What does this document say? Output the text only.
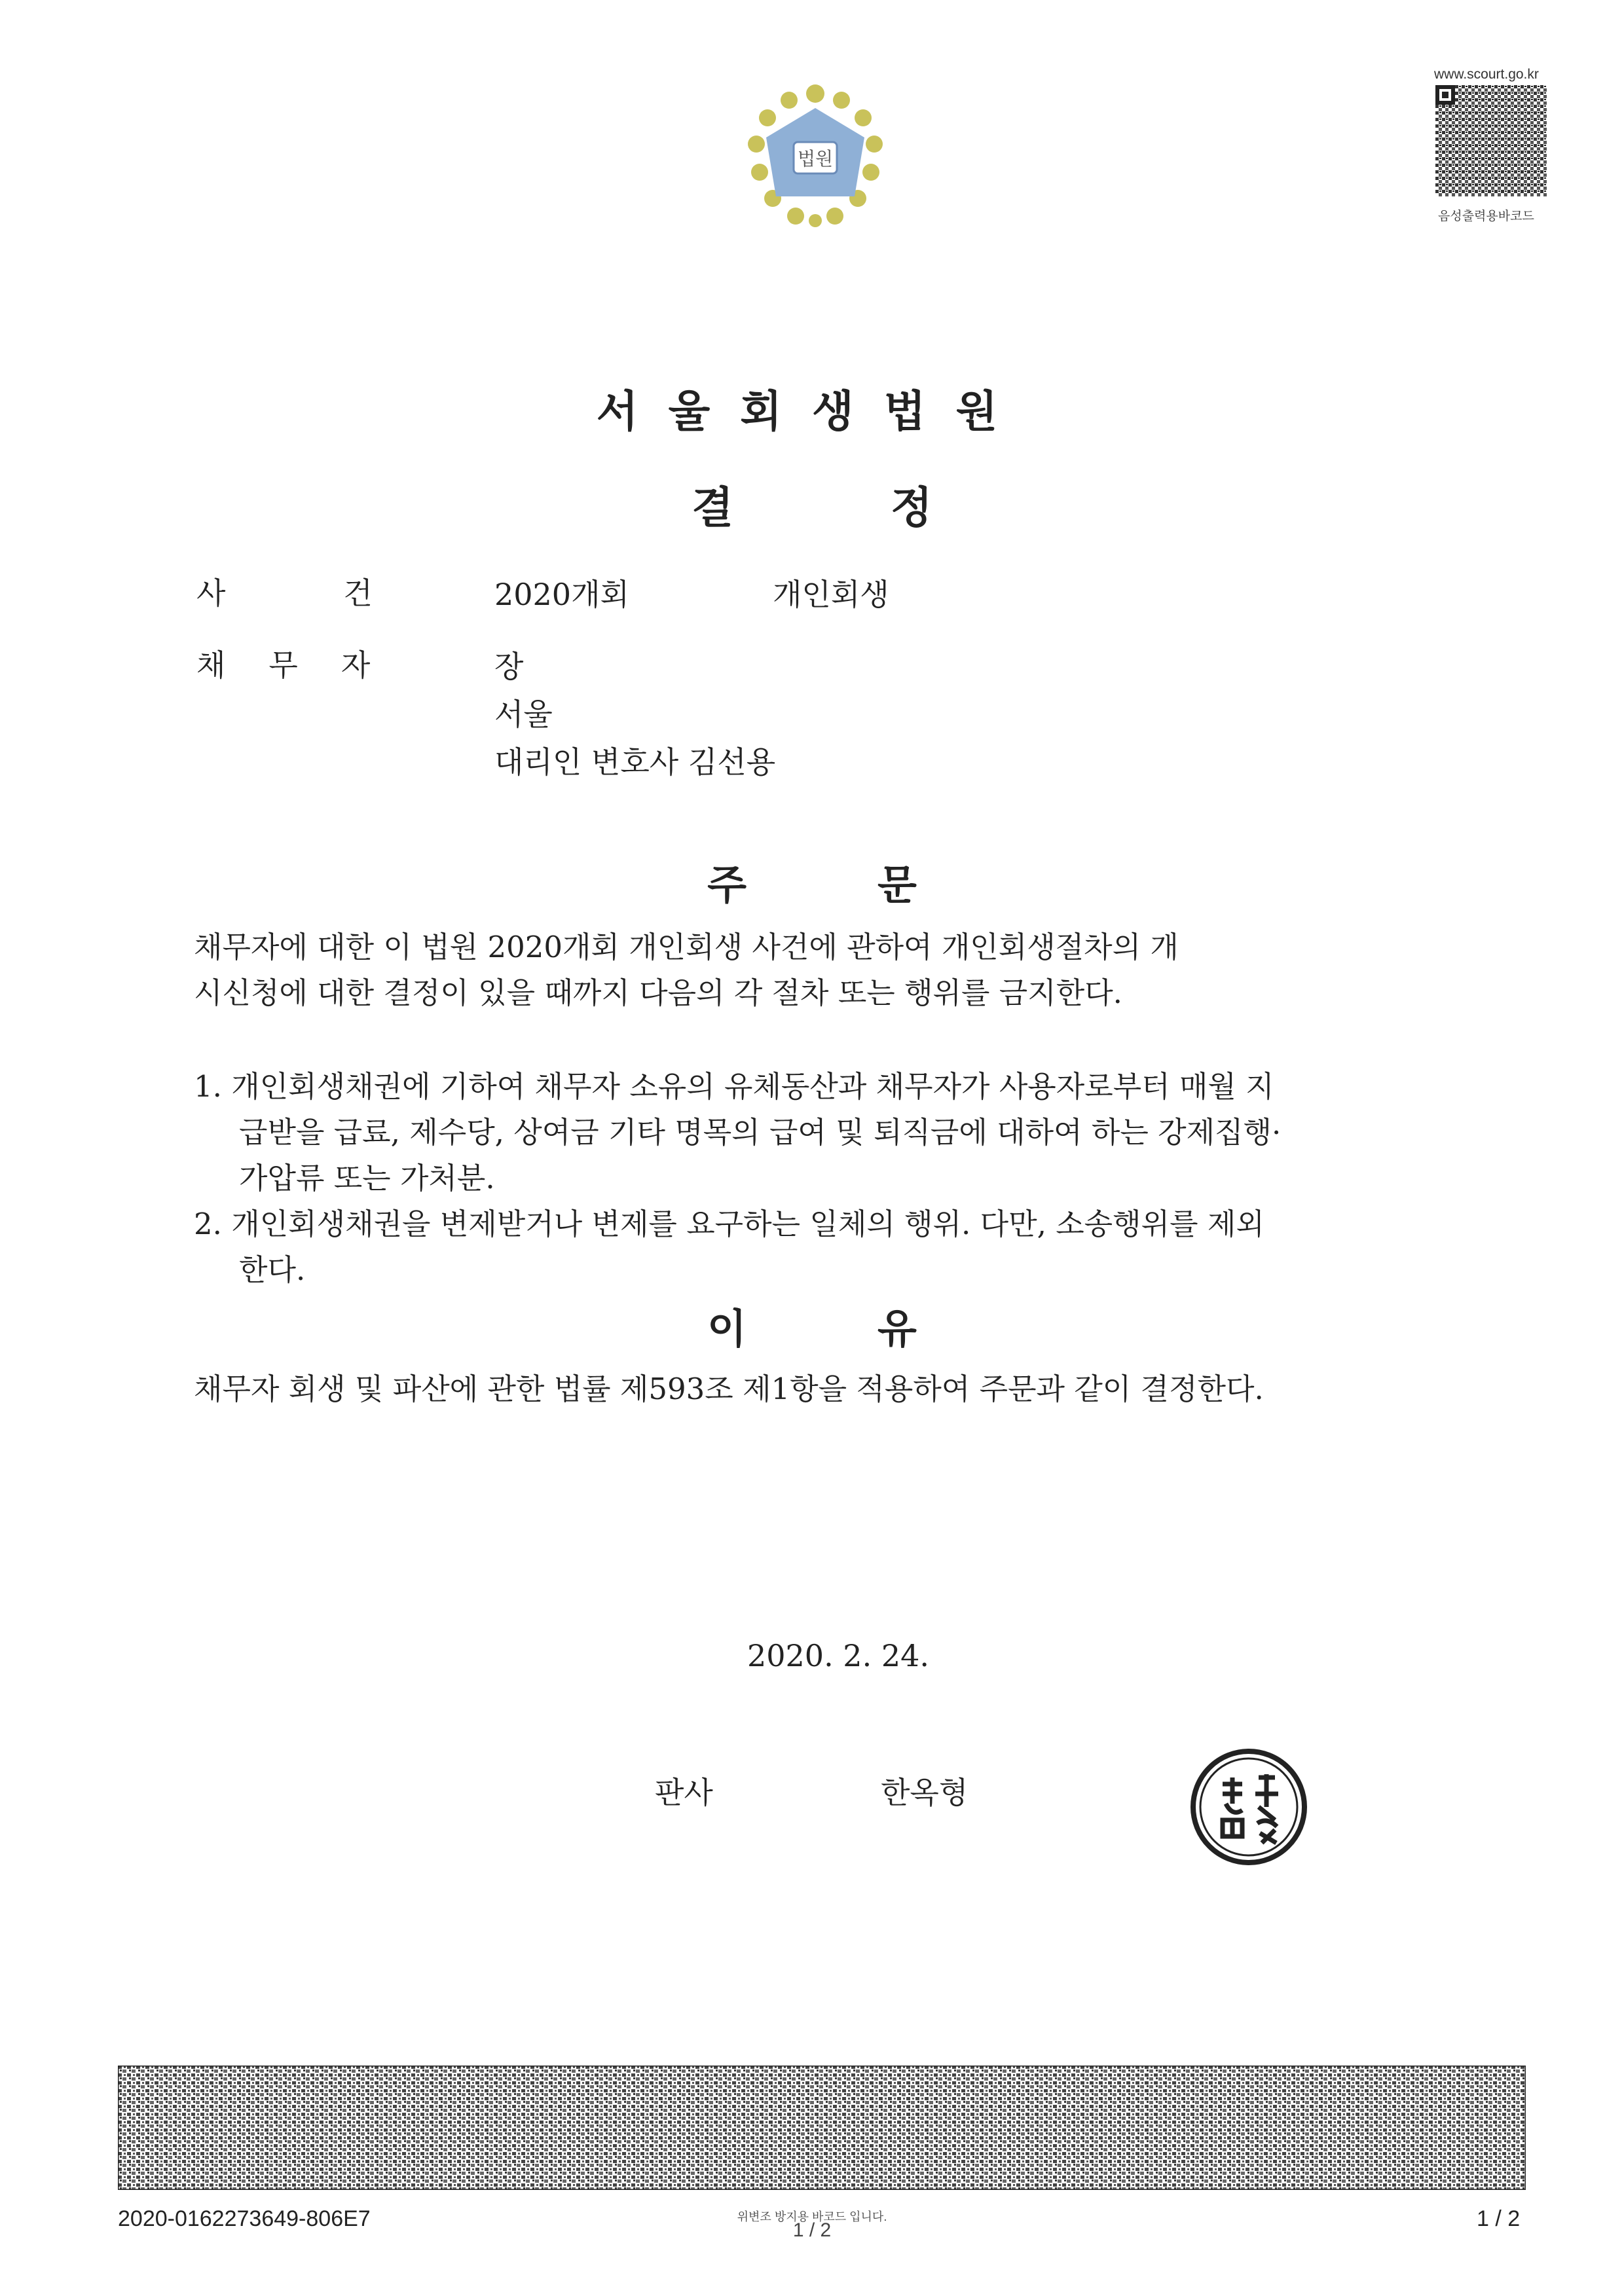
법원
www.scourt.go.kr
음성출력용바코드
서울회생법원
결정
사건 2020개회	개인회생
채무자	장
서울
대리인 변호사 김선용
주문
채무자에 대한 이 법원 2020개회 개인회생 사건에 관하여 개인회생절차의 개
시신청에 대한 결정이 있을 때까지 다음의 각 절차 또는 행위를 금지한다.
1. 개인회생채권에 기하여 채무자 소유의 유체동산과 채무자가 사용자로부터 매월 지
급받을 급료, 제수당, 상여금 기타 명목의 급여 및 퇴직금에 대하여 하는 강제집행·
가압류 또는 가처분.
2. 개인회생채권을 변제받거나 변제를 요구하는 일체의 행위. 다만, 소송행위를 제외
한다.
이유
채무자 회생 및 파산에 관한 법률 제593조 제1항을 적용하여 주문과 같이 결정한다.
2020. 2. 24.
판사	한옥형
2020-0162273649-806E7	위변조 방지용 바코드 입니다.
1 / 2	1 / 2
